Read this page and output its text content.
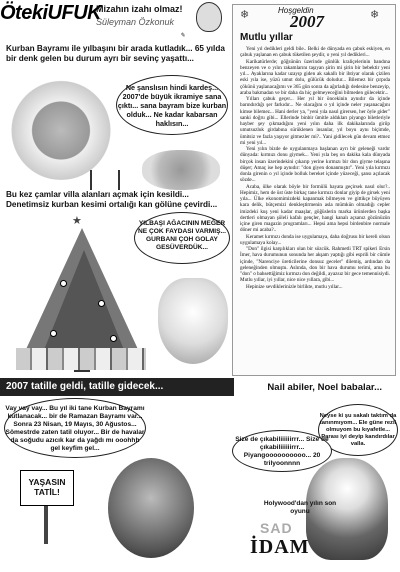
ÖtekiUFUK
Mizahın izahı olmaz!
Süleyman Özkonuk
✎
Kurban Bayramı ile yılbaşını bir arada kutladık... 65 yılda bir denk gelen bu durum ayrı bir sevinç yaşattı...
Ne şanslısın hindi kardeş... 2007'de büyük ikramiye sana çıktı... sana bayram bize kurban olduk... Ne kadar kabarsan haklısın...
Bu kez çamlar villa alanları açmak için kesildi... Denetimsiz kurban kesimi ortalığı kan gölüne çevirdi...
★	YILBAŞI AĞACININ MEĞER NE ÇOK FAYDASI VARMIŞ... GURBANI ÇOH GOLAY GESÜVERDÜK...
2007 tatille geldi, tatille gidecek...
Vay vay vay... Bu yıl iki tane Kurban Bayramı kutlanacak... bir de Ramazan Bayramı var... Sonra 23 Nisan, 19 Mayıs, 30 Ağustos... Sömestrde zaten tatil oluyor... Bir de havalar da soğudu azıcık kar da yağdı mı ooohhh gel keyfim gel...
YAŞASIN TATİL!
❄	❄
Hoşgeldin
2007
Mutlu yıllar

Yeni yıl dedikleri geldi bile.. Belki de dünyada en çabuk eskiyen, en çabuk yaşlanan en çabuk tüketilen şeydir, o yeni yıl dedikleri...

Karikatürlerde; göğsünün üzerinde günlük kraliçelerinin bandına benzeyen ve o yılın rakamlarını taşıyan şirin mi şirin bir bebektir yeni yıl... Ayaklarına kadar uzayıp giden ak sakallı bir ihtiyar olarak çizilen eski yıla ise, yüzü umut dolu, gülücük doludur... Bilemez bir çırpıda çökünü yaşlanacağımı ve 365 gün sonra da ağırladığı dedesine benzeyip, araba bakmadan ve bir daha da hiç gelmeyeceğini bilmeden gülecektir...

Yılları çabuk geçer... Her yıl bir öncekinin aynıdır da içinde barındırdığı şer farkıdır... Ne olacağını o yıl içinde neler yaşanacağını kimse bilemez... Hani derler ya, "yeni yıla nasıl girersen, her öyle gider" sanki doğru gibi... Ellerinde binbir ümitle aldıkları piyango biletleriyle hayber şey çıkmadığını yeni yılın daha ilk dakikalarında giriip umutsuzluk girdabına sürüklenen insanlar, yıl boyu aynı biçimde, ümitsiz ve fazla yaşıyor gitmezler mi?.. Yani gidilecek gün devam etmez mi yeni yıl...

Yeni yılın bizde de uygulanmaya başlanan ayrı bir geleneği vardır dünyada: kırmızı donu giymek... Yeni yıla beş on dakika kala dünyada birçok insan üzerindekini çıkarıp yerine kırmızı bir don giyme telaşına düşer; Amaç ise hep aynıdır: "don giyen donanmıştır". Yeni yıla kırmızı donla girenin o yıl içinde bolluk bereket içinde yüzeceği, şansı açılacak sözde...

Acaba, ülke olarak böyle bir formülü hayata geçirsek nasıl olur?.. Hepimiz, hem de üst üste birkaç tane kırmızı donlar giyip de girsek yeni yıla... Ülke ekonomimizdeki kapanmak bilmeyen ve gittikçe büyüyen kara delik, bütçemizi denkleştirmenin asla mümkün olmadığı cepler imizdeki kuş yeni kadar maaşlar, göğüslerin marka ürünlerden başka dertleri olmayan şöleli kafalı gençler, hangi kanalı açsanız gözünüzün içine giren magazin programları... Hepsi ama hepsi birdenbire normale döner mi acaba?..

Keramet kırmızı donda ise uygulamaya, daha doğrusu bir kereli olsun uygulamaya kolay...

"Don" ilgisi karşılıkları olan bir sözcük. Rahmetli TRT spikeri Ersin İmer, hava durumunun sonunda her akşam yaptığı gibi esprili bir cümle içinde, "Narenciye üreticilerine donsuz geceler" dilemiş, ardından da geleneğinden olmuştu. Aslında, don bir hava durumu terimi, ama bu "don" o bahsettiğimiz kırmızı don değildi, ayazsız bir gece temennisiydi. Mutlu yıllar, iyi yıllar, nice nice yıllara, gibi...

Hepinize sevdiklerinizle birlikte, mutlu yıllar...

Nail abiler, Noel babalar...
Neyse ki şu sakalı taktım da tanınmıyom... Ele güne rezil olmuyom bu kıyafetle... Parası iyi deyip kandırdılar valla.
Size de çıkabiliiiiiirrr... Size de çıkabiliiiiiirrr... Piyangoooooooooo... 20 trilyoonnnn
Holywood'dan yılın son oyunu
SAD
İDAM
